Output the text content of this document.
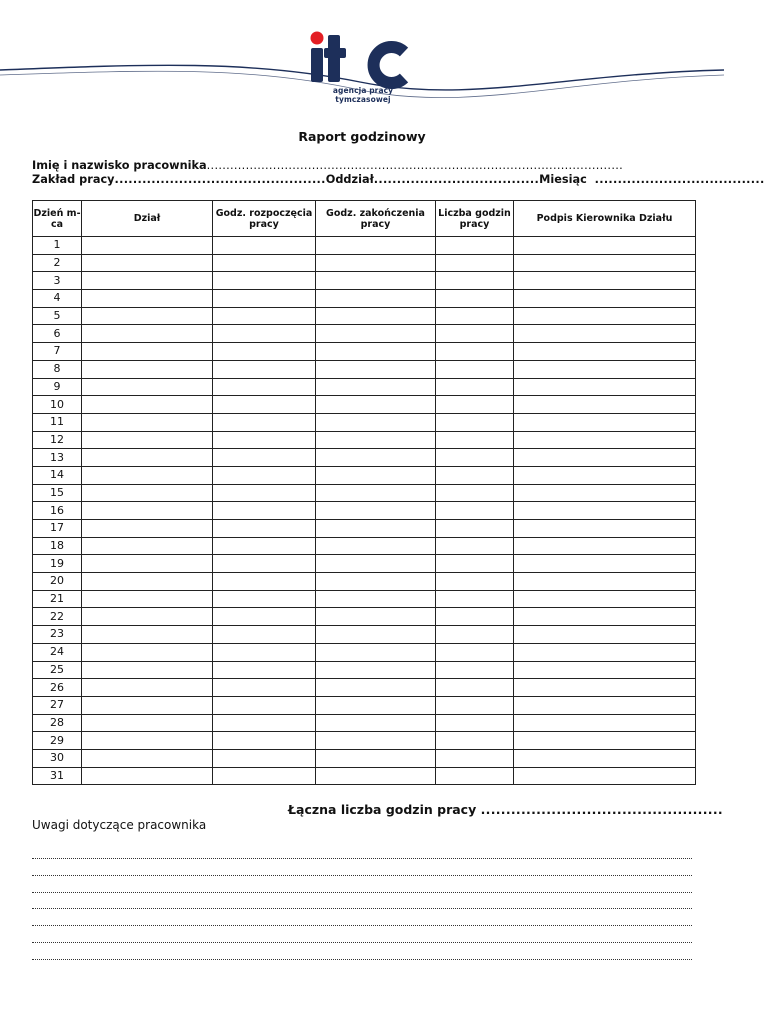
agencja pracy tymczasowej
Raport godzinowy
Imię i nazwisko pracownika...........................................................................................................
Zakład pracy..............................................Oddział....................................Miesiąc .....................................
Dzień m-ca	Dział	Godz. rozpoczęcia pracy	Godz. zakończenia pracy	Liczba godzin pracy	Podpis Kierownika Działu
1					
2					
3					
4					
5					
6					
7					
8					
9					
10					
11					
12					
13					
14					
15					
16					
17					
18					
19					
20					
21					
22					
23					
24					
25					
26					
27					
28					
29					
30					
31					
Łączna liczba godzin pracy ................................................
Uwagi dotyczące pracownika
